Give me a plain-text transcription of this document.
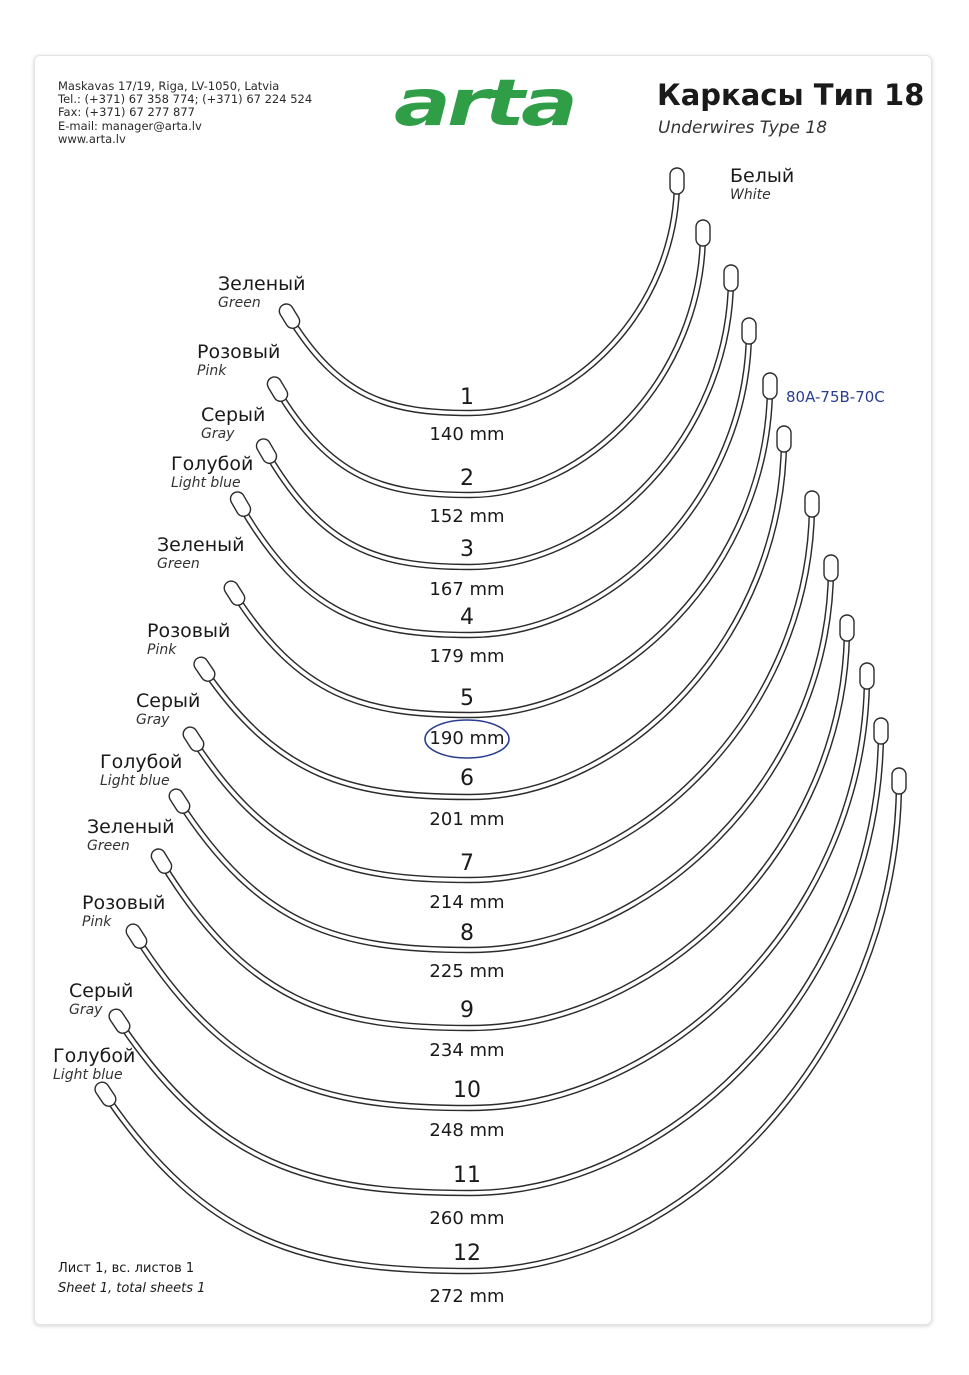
Maskavas 17/19, Riga, LV-1050, Latvia
Tel.: (+371) 67 358 774; (+371) 67 224 524
Fax: (+371) 67 277 877
E-mail: manager@arta.lv
www.arta.lv	arta	Каркасы Тип 18
Underwires Type 18
Белый
White
Зеленый
Green
Розовый
Pink
Серый
Gray
Голубой
Light blue
Зеленый
Green
Розовый
Pink
Серый
Gray
Голубой
Light blue
Зеленый
Green
Розовый
Pink
Серый
Gray
Голубой
Light blue
1
140 mm
2
152 mm
3
167 mm
4
179 mm
5
190 mm
6
201 mm
7
214 mm
8
225 mm
9
234 mm
10
248 mm
11
260 mm
12
272 mm
80A-75B-70C
Лист 1, вс. листов 1
Sheet 1, total sheets 1
